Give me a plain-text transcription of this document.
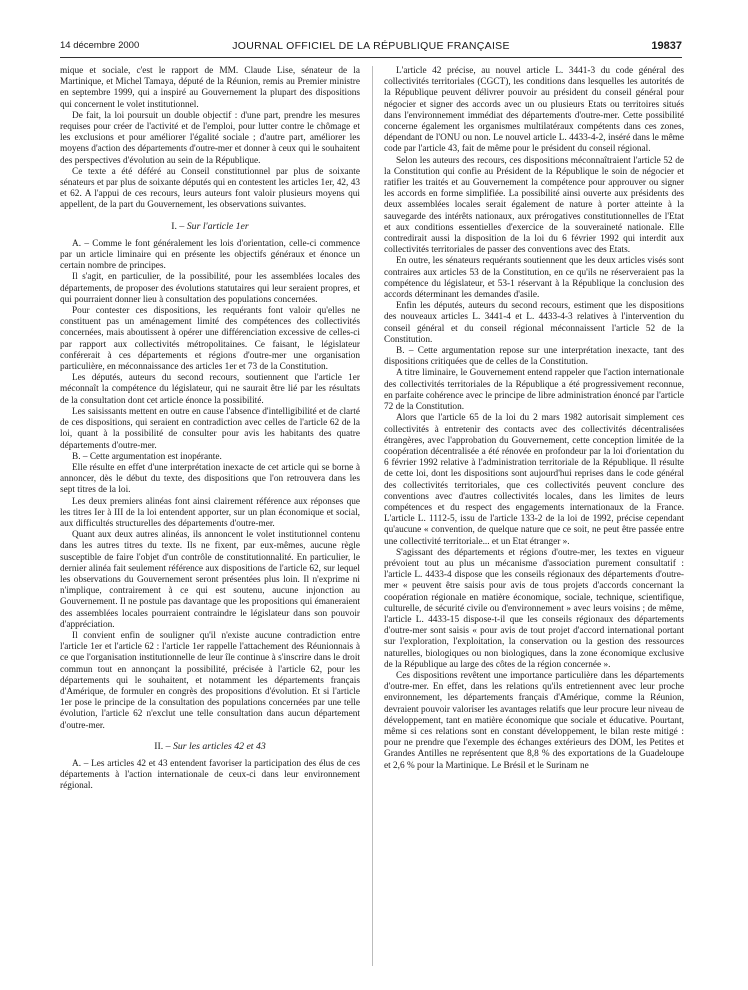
14 décembre 2000	JOURNAL OFFICIEL DE LA RÉPUBLIQUE FRANÇAISE	19837

mique et sociale, c'est le rapport de MM. Claude Lise, sénateur de la Martinique, et Michel Tamaya, député de la Réunion, remis au Premier ministre en septembre 1999, qui a inspiré au Gouvernement la plupart des dispositions qui concernent le volet institutionnel.

De fait, la loi poursuit un double objectif : d'une part, prendre les mesures requises pour créer de l'activité et de l'emploi, pour lutter contre le chômage et les exclusions et pour améliorer l'égalité sociale ; d'autre part, améliorer les moyens d'action des départements d'outre-mer et donner à ceux qui le souhaitent des perspectives d'évolution au sein de la République.

Ce texte a été déféré au Conseil constitutionnel par plus de soixante sénateurs et par plus de soixante députés qui en contestent les articles 1er, 42, 43 et 62. A l'appui de ces recours, leurs auteurs font valoir plusieurs moyens qui appellent, de la part du Gouvernement, les observations suivantes.

I. – Sur l'article 1er

A. – Comme le font généralement les lois d'orientation, celle-ci commence par un article liminaire qui en présente les objectifs généraux et énonce un certain nombre de principes.

Il s'agit, en particulier, de la possibilité, pour les assemblées locales des départements, de proposer des évolutions statutaires qui leur seraient propres, et qui pourraient donner lieu à consultation des populations concernées.

Pour contester ces dispositions, les requérants font valoir qu'elles ne constituent pas un aménagement limité des compétences des collectivités concernées, mais aboutissent à opérer une différenciation excessive de celles-ci par rapport aux collectivités métropolitaines. Ce faisant, le législateur conférerait à ces départements et régions d'outre-mer une organisation particulière, en méconnaissance des articles 1er et 73 de la Constitution.

Les députés, auteurs du second recours, soutiennent que l'article 1er méconnaît la compétence du législateur, qui ne saurait être lié par les résultats de la consultation dont cet article énonce la possibilité.

Les saisissants mettent en outre en cause l'absence d'intelligibilité et de clarté de ces dispositions, qui seraient en contradiction avec celles de l'article 62 de la loi, quant à la possibilité de consulter pour avis les habitants des quatre départements d'outre-mer.

B. – Cette argumentation est inopérante.

Elle résulte en effet d'une interprétation inexacte de cet article qui se borne à annoncer, dès le début du texte, des dispositions que l'on retrouvera dans les sept titres de la loi.

Les deux premiers alinéas font ainsi clairement référence aux réponses que les titres Ier à III de la loi entendent apporter, sur un plan économique et social, aux difficultés structurelles des départements d'outre-mer.

Quant aux deux autres alinéas, ils annoncent le volet institutionnel contenu dans les autres titres du texte. Ils ne fixent, par eux-mêmes, aucune règle susceptible de faire l'objet d'un contrôle de constitutionnalité. En particulier, le dernier alinéa fait seulement référence aux dispositions de l'article 62, sur lequel les observations du Gouvernement seront présentées plus loin. Il n'exprime ni n'implique, contrairement à ce qui est soutenu, aucune injonction au Gouvernement. Il ne postule pas davantage que les propositions qui émaneraient des assemblées locales pourraient contraindre le législateur dans son pouvoir d'appréciation.

Il convient enfin de souligner qu'il n'existe aucune contradiction entre l'article 1er et l'article 62 : l'article 1er rappelle l'attachement des Réunionnais à ce que l'organisation institutionnelle de leur île continue à s'inscrire dans le droit commun tout en annonçant la possibilité, précisée à l'article 62, pour les départements qui le souhaitent, et notamment les départements français d'Amérique, de formuler en congrès des propositions d'évolution. Et si l'article 1er pose le principe de la consultation des populations concernées par une telle évolution, l'article 62 n'exclut une telle consultation dans aucun département d'outre-mer.

II. – Sur les articles 42 et 43

A. – Les articles 42 et 43 entendent favoriser la participation des élus de ces départements à l'action internationale de ceux-ci dans leur environnement régional.

L'article 42 précise, au nouvel article L. 3441-3 du code général des collectivités territoriales (CGCT), les conditions dans lesquelles les autorités de la République peuvent délivrer pouvoir au président du conseil général pour négocier et signer des accords avec un ou plusieurs Etats ou territoires situés dans l'environnement immédiat des départements d'outre-mer. Cette possibilité concerne également les organismes multilatéraux compétents dans ces zones, dépendant de l'ONU ou non. Le nouvel article L. 4433-4-2, inséré dans le même code par l'article 43, fait de même pour le président du conseil régional.

Selon les auteurs des recours, ces dispositions méconnaîtraient l'article 52 de la Constitution qui confie au Président de la République le soin de négocier et ratifier les traités et au Gouvernement la compétence pour approuver ou signer les accords en forme simplifiée. La possibilité ainsi ouverte aux présidents des deux assemblées locales serait également de nature à porter atteinte à la sauvegarde des intérêts nationaux, aux prérogatives constitutionnelles de l'Etat et aux conditions essentielles d'exercice de la souveraineté nationale. Elle contredirait aussi la disposition de la loi du 6 février 1992 qui interdit aux collectivités territoriales de passer des conventions avec des Etats.

En outre, les sénateurs requérants soutiennent que les deux articles visés sont contraires aux articles 53 de la Constitution, en ce qu'ils ne réserveraient pas la compétence du législateur, et 53-1 réservant à la République la conclusion des accords déterminant les demandes d'asile.

Enfin les députés, auteurs du second recours, estiment que les dispositions des nouveaux articles L. 3441-4 et L. 4433-4-3 relatives à l'intervention du conseil général et du conseil régional méconnaissent l'article 52 de la Constitution.

B. – Cette argumentation repose sur une interprétation inexacte, tant des dispositions critiquées que de celles de la Constitution.

A titre liminaire, le Gouvernement entend rappeler que l'action internationale des collectivités territoriales de la République a été progressivement reconnue, en parfaite cohérence avec le principe de libre administration énoncé par l'article 72 de la Constitution.

Alors que l'article 65 de la loi du 2 mars 1982 autorisait simplement ces collectivités à entretenir des contacts avec des collectivités décentralisées étrangères, avec l'approbation du Gouvernement, cette conception limitée de la coopération décentralisée a été rénovée en profondeur par la loi d'orientation du 6 février 1992 relative à l'administration territoriale de la République. Il résulte de cette loi, dont les dispositions sont aujourd'hui reprises dans le code général des collectivités territoriales, que ces collectivités peuvent conclure des conventions avec d'autres collectivités locales, dans les limites de leurs compétences et du respect des engagements internationaux de la France. L'article L. 1112-5, issu de l'article 133-2 de la loi de 1992, précise cependant qu'aucune « convention, de quelque nature que ce soit, ne peut être passée entre une collectivité territoriale... et un Etat étranger ».

S'agissant des départements et régions d'outre-mer, les textes en vigueur prévoient tout au plus un mécanisme d'association purement consultatif : l'article L. 4433-4 dispose que les conseils régionaux des départements d'outre-mer « peuvent être saisis pour avis de tous projets d'accords concernant la coopération régionale en matière économique, sociale, technique, scientifique, culturelle, de sécurité civile ou d'environnement » avec leurs voisins ; de même, l'article L. 4433-15 dispose-t-il que les conseils régionaux des départements d'outre-mer sont saisis « pour avis de tout projet d'accord international portant sur l'exploration, l'exploitation, la conservation ou la gestion des ressources naturelles, biologiques ou non biologiques, dans la zone économique exclusive de la République au large des côtes de la région concernée ».

Ces dispositions revêtent une importance particulière dans les départements d'outre-mer. En effet, dans les relations qu'ils entretiennent avec leur proche environnement, les départements français d'Amérique, comme la Réunion, devraient pouvoir valoriser les avantages relatifs que leur procure leur niveau de développement, tant en matière économique que sociale et éducative. Pourtant, même si ces relations sont en constant développement, le bilan reste mitigé : pour ne prendre que l'exemple des échanges extérieurs des DOM, les Petites et Grandes Antilles ne représentent que 8,8 % des exportations de la Guadeloupe et 2,6 % pour la Martinique. Le Brésil et le Surinam ne
